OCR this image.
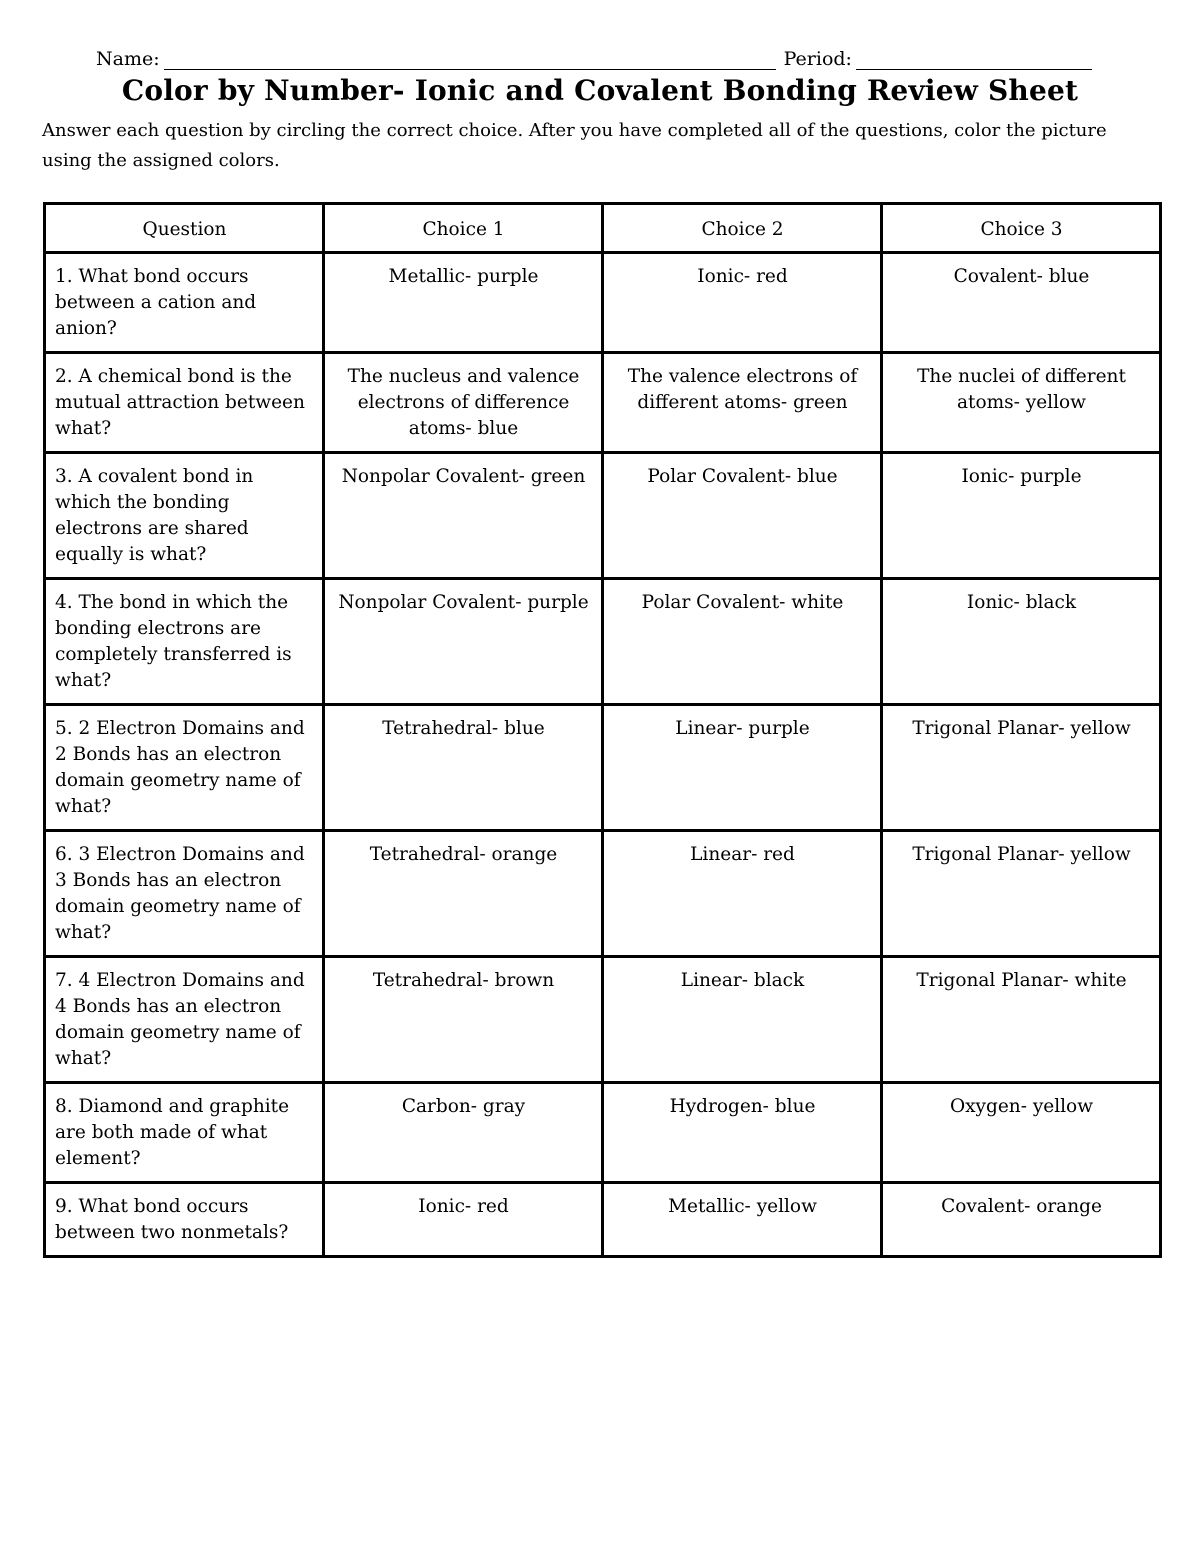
Name:	Period:
Color by Number- Ionic and Covalent Bonding Review Sheet
Answer each question by circling the correct choice. After you have completed all of the questions, color the picture using the assigned colors.
Question	Choice 1	Choice 2	Choice 3
1. What bond occurs between a cation and anion?	Metallic- purple	Ionic- red	Covalent- blue
2. A chemical bond is the mutual attraction between what?	The nucleus and valence electrons of difference atoms- blue	The valence electrons of different atoms- green	The nuclei of different atoms- yellow
3. A covalent bond in which the bonding electrons are shared equally is what?	Nonpolar Covalent- green	Polar Covalent- blue	Ionic- purple
4. The bond in which the bonding electrons are completely transferred is what?	Nonpolar Covalent- purple	Polar Covalent- white	Ionic- black
5. 2 Electron Domains and 2 Bonds has an electron domain geometry name of what?	Tetrahedral- blue	Linear- purple	Trigonal Planar- yellow
6. 3 Electron Domains and 3 Bonds has an electron domain geometry name of what?	Tetrahedral- orange	Linear- red	Trigonal Planar- yellow
7. 4 Electron Domains and 4 Bonds has an electron domain geometry name of what?	Tetrahedral- brown	Linear- black	Trigonal Planar- white
8. Diamond and graphite are both made of what element?	Carbon- gray	Hydrogen- blue	Oxygen- yellow
9. What bond occurs between two nonmetals?	Ionic- red	Metallic- yellow	Covalent- orange
